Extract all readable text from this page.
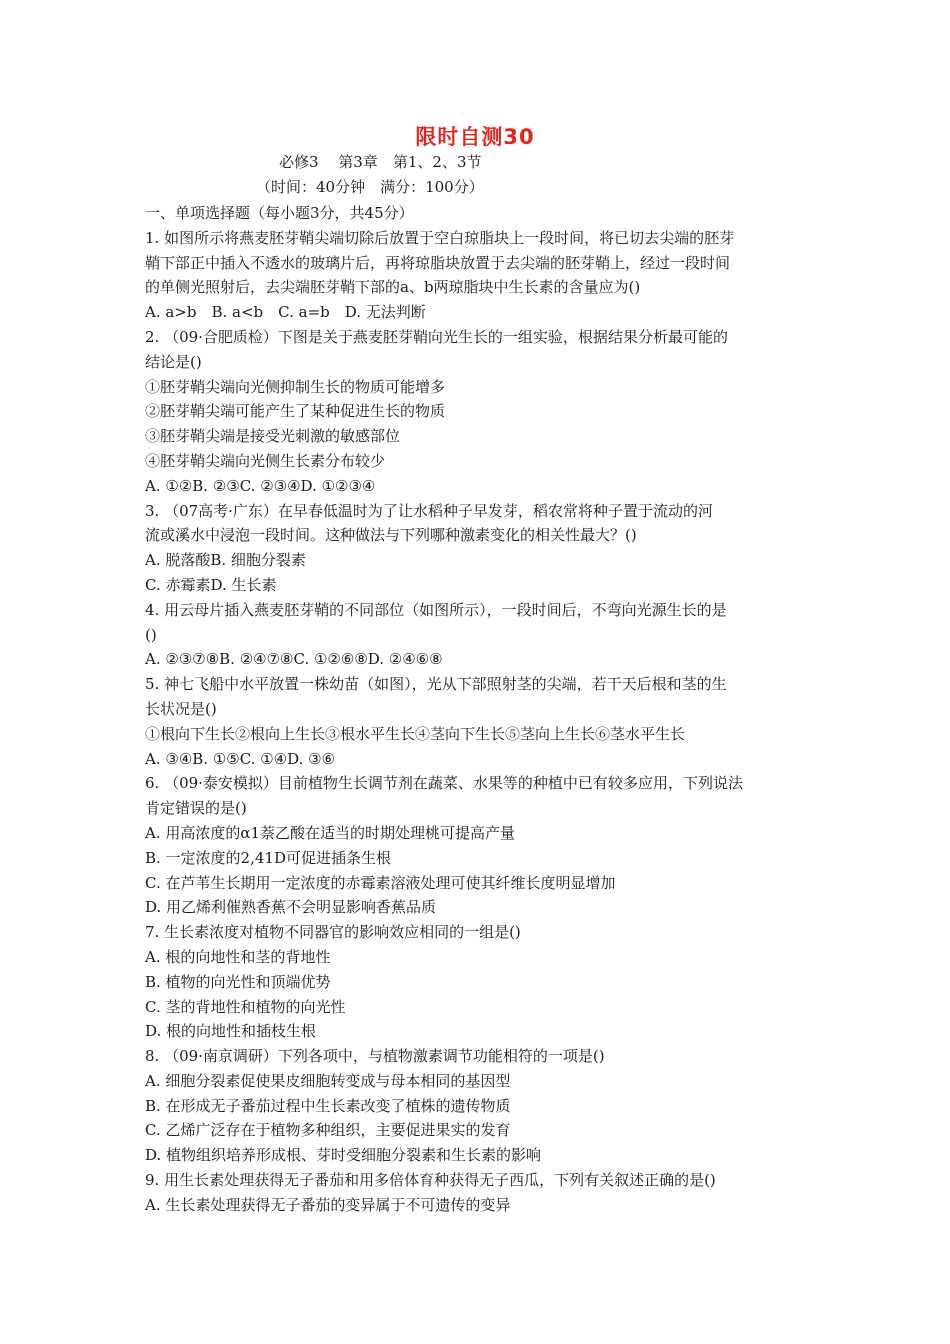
限时自测30
必修3　 第3章　第1、2、3节
（时间：40分钟　满分：100分）
一、单项选择题（每小题3分，共45分）
1. 如图所示将燕麦胚芽鞘尖端切除后放置于空白琼脂块上一段时间，将已切去尖端的胚芽
鞘下部正中插入不透水的玻璃片后，再将琼脂块放置于去尖端的胚芽鞘上，经过一段时间
的单侧光照射后，去尖端胚芽鞘下部的a、b两琼脂块中生长素的含量应为()
A. a>b　B. a<b　C. a=b　D. 无法判断
2. （09·合肥质检）下图是关于燕麦胚芽鞘向光生长的一组实验，根据结果分析最可能的
结论是()
①胚芽鞘尖端向光侧抑制生长的物质可能增多
②胚芽鞘尖端可能产生了某种促进生长的物质
③胚芽鞘尖端是接受光刺激的敏感部位
④胚芽鞘尖端向光侧生长素分布较少
A. ①②B. ②③C. ②③④D. ①②③④
3. （07高考·广东）在早春低温时为了让水稻种子早发芽，稻农常将种子置于流动的河
流或溪水中浸泡一段时间。这种做法与下列哪种激素变化的相关性最大？()
A. 脱落酸B. 细胞分裂素
C. 赤霉素D. 生长素
4. 用云母片插入燕麦胚芽鞘的不同部位（如图所示），一段时间后，不弯向光源生长的是
()
A. ②③⑦⑧B. ②④⑦⑧C. ①②⑥⑧D. ②④⑥⑧
5. 神七飞船中水平放置一株幼苗（如图），光从下部照射茎的尖端，若干天后根和茎的生
长状况是()
①根向下生长②根向上生长③根水平生长④茎向下生长⑤茎向上生长⑥茎水平生长
A. ③④B. ①⑤C. ①④D. ③⑥
6. （09·泰安模拟）目前植物生长调节剂在蔬菜、水果等的种植中已有较多应用，下列说法
肯定错误的是()
A. 用高浓度的α1萘乙酸在适当的时期处理桃可提高产量
B. 一定浓度的2,41D可促进插条生根
C. 在芦苇生长期用一定浓度的赤霉素溶液处理可使其纤维长度明显增加
D. 用乙烯利催熟香蕉不会明显影响香蕉品质
7. 生长素浓度对植物不同器官的影响效应相同的一组是()
A. 根的向地性和茎的背地性
B. 植物的向光性和顶端优势
C. 茎的背地性和植物的向光性
D. 根的向地性和插枝生根
8. （09·南京调研）下列各项中，与植物激素调节功能相符的一项是()
A. 细胞分裂素促使果皮细胞转变成与母本相同的基因型
B. 在形成无子番茄过程中生长素改变了植株的遗传物质
C. 乙烯广泛存在于植物多种组织，主要促进果实的发育
D. 植物组织培养形成根、芽时受细胞分裂素和生长素的影响
9. 用生长素处理获得无子番茄和用多倍体育种获得无子西瓜，下列有关叙述正确的是()
A. 生长素处理获得无子番茄的变异属于不可遗传的变异
